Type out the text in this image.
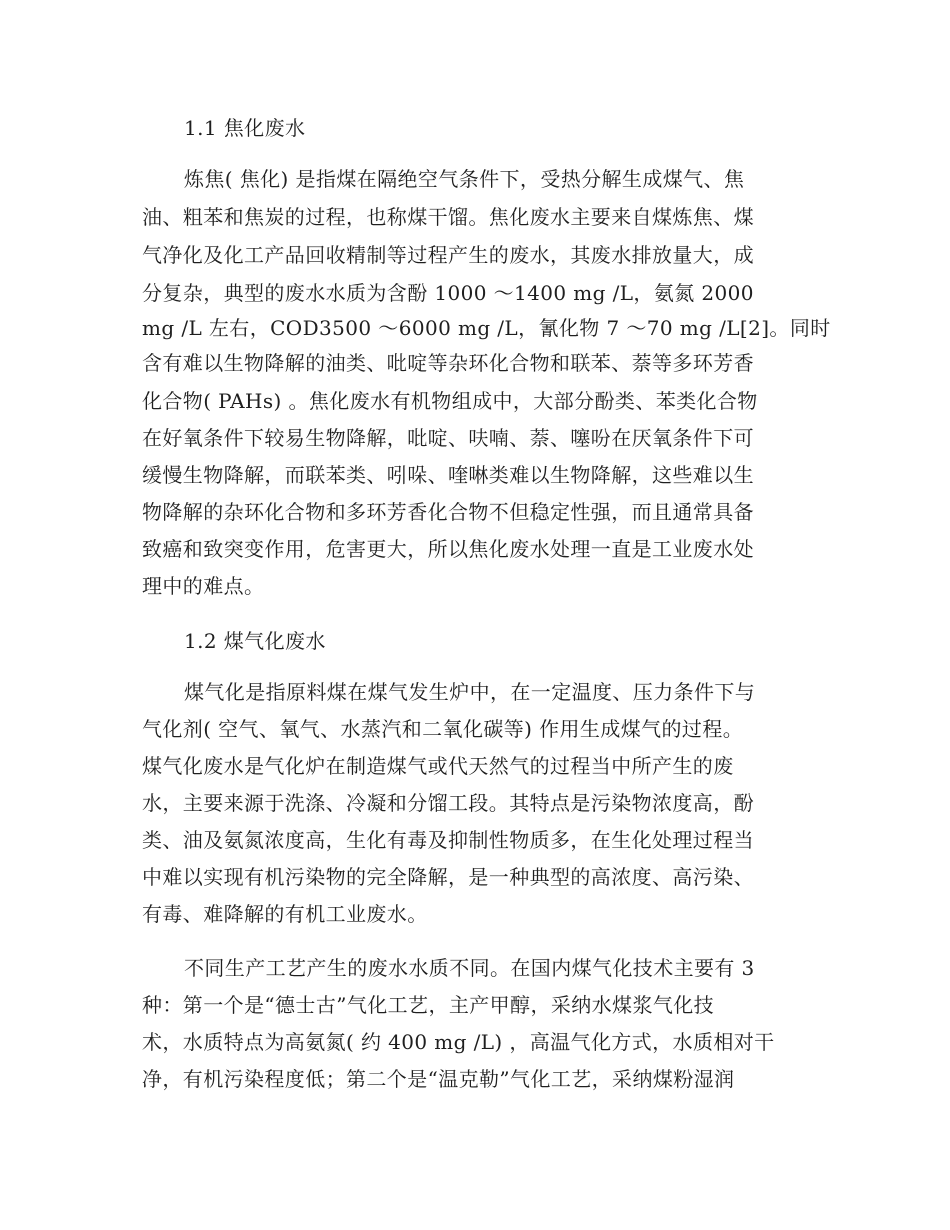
1.1 焦化废水
炼焦( 焦化) 是指煤在隔绝空气条件下，受热分解生成煤气、焦
油、粗苯和焦炭的过程，也称煤干馏。焦化废水主要来自煤炼焦、煤
气净化及化工产品回收精制等过程产生的废水，其废水排放量大，成
分复杂，典型的废水水质为含酚 1000 ～1400 mg /L，氨氮 2000
mg /L 左右，COD3500 ～6000 mg /L，氰化物 7 ～70 mg /L[2]。同时
含有难以生物降解的油类、吡啶等杂环化合物和联苯、萘等多环芳香
化合物( PAHs) 。焦化废水有机物组成中，大部分酚类、苯类化合物
在好氧条件下较易生物降解，吡啶、呋喃、萘、噻吩在厌氧条件下可
缓慢生物降解，而联苯类、吲哚、喹啉类难以生物降解，这些难以生
物降解的杂环化合物和多环芳香化合物不但稳定性强，而且通常具备
致癌和致突变作用，危害更大，所以焦化废水处理一直是工业废水处
理中的难点。
1.2 煤气化废水
煤气化是指原料煤在煤气发生炉中，在一定温度、压力条件下与
气化剂( 空气、氧气、水蒸汽和二氧化碳等) 作用生成煤气的过程。
煤气化废水是气化炉在制造煤气或代天然气的过程当中所产生的废
水，主要来源于洗涤、冷凝和分馏工段。其特点是污染物浓度高，酚
类、油及氨氮浓度高，生化有毒及抑制性物质多，在生化处理过程当
中难以实现有机污染物的完全降解，是一种典型的高浓度、高污染、
有毒、难降解的有机工业废水。
不同生产工艺产生的废水水质不同。在国内煤气化技术主要有 3
种：第一个是“德士古”气化工艺，主产甲醇，采纳水煤浆气化技
术，水质特点为高氨氮( 约 400 mg /L) ，高温气化方式，水质相对干
净，有机污染程度低；第二个是“温克勒”气化工艺，采纳煤粉湿润
